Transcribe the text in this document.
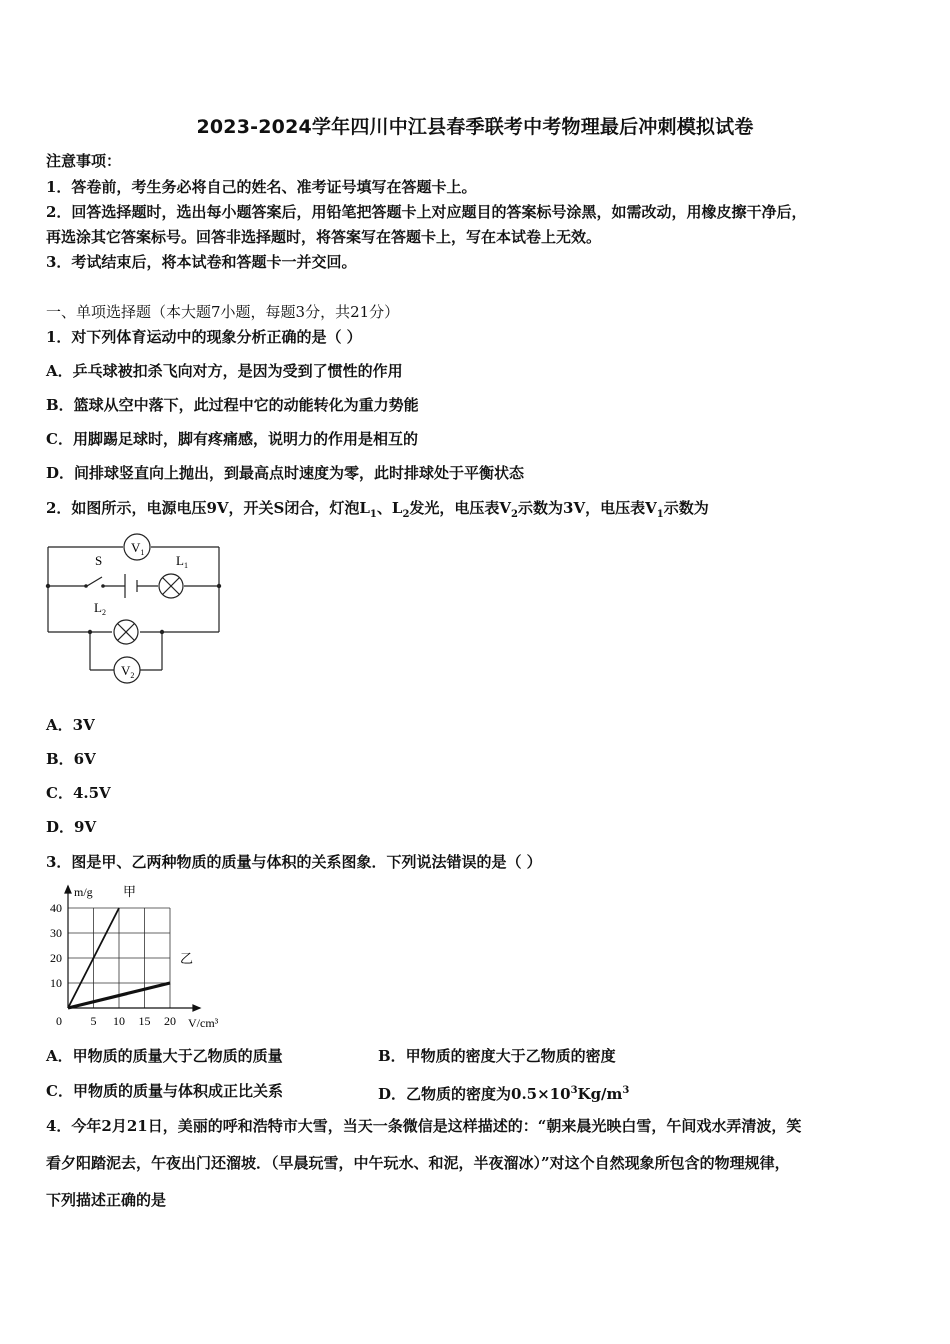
2023-2024学年四川中江县春季联考中考物理最后冲刺模拟试卷
注意事项：
1．答卷前，考生务必将自己的姓名、准考证号填写在答题卡上。
2．回答选择题时，选出每小题答案后，用铅笔把答题卡上对应题目的答案标号涂黑，如需改动，用橡皮擦干净后，
再选涂其它答案标号。回答非选择题时，将答案写在答题卡上，写在本试卷上无效。
3．考试结束后，将本试卷和答题卡一并交回。
一、单项选择题（本大题7小题，每题3分，共21分）
1．对下列体育运动中的现象分析正确的是（ ）
A．乒乓球被扣杀飞向对方，是因为受到了惯性的作用
B．篮球从空中落下，此过程中它的动能转化为重力势能
C．用脚踢足球时，脚有疼痛感，说明力的作用是相互的
D．间排球竖直向上抛出，到最高点时速度为零，此时排球处于平衡状态
2．如图所示，电源电压9V，开关S闭合，灯泡$L_1$、$L_2$发光，电压表$V_2$示数为3V，电压表$V_1$示数为
$V_1$
$V_2$
S	$L_1$
$L_2$
A．3V
B．6V
C．4.5V
D．9V
3．图是甲、乙两种物质的质量与体积的关系图象．下列说法错误的是（ ）
0 5 10 15 20
10
20
30
40
m/g
V/cm³
甲
乙
A．甲物质的质量大于乙物质的质量	B．甲物质的密度大于乙物质的密度
C．甲物质的质量与体积成正比关系	D．乙物质的密度为$0.5\times 10^3Kg/m^3$
4．今年2月21日，美丽的呼和浩特市大雪，当天一条微信是这样描述的：“朝来晨光映白雪，午间戏水弄清波，笑
看夕阳踏泥去，午夜出门还溜坡．（早晨玩雪，中午玩水、和泥，半夜溜冰）”对这个自然现象所包含的物理规律，
下列描述正确的是
